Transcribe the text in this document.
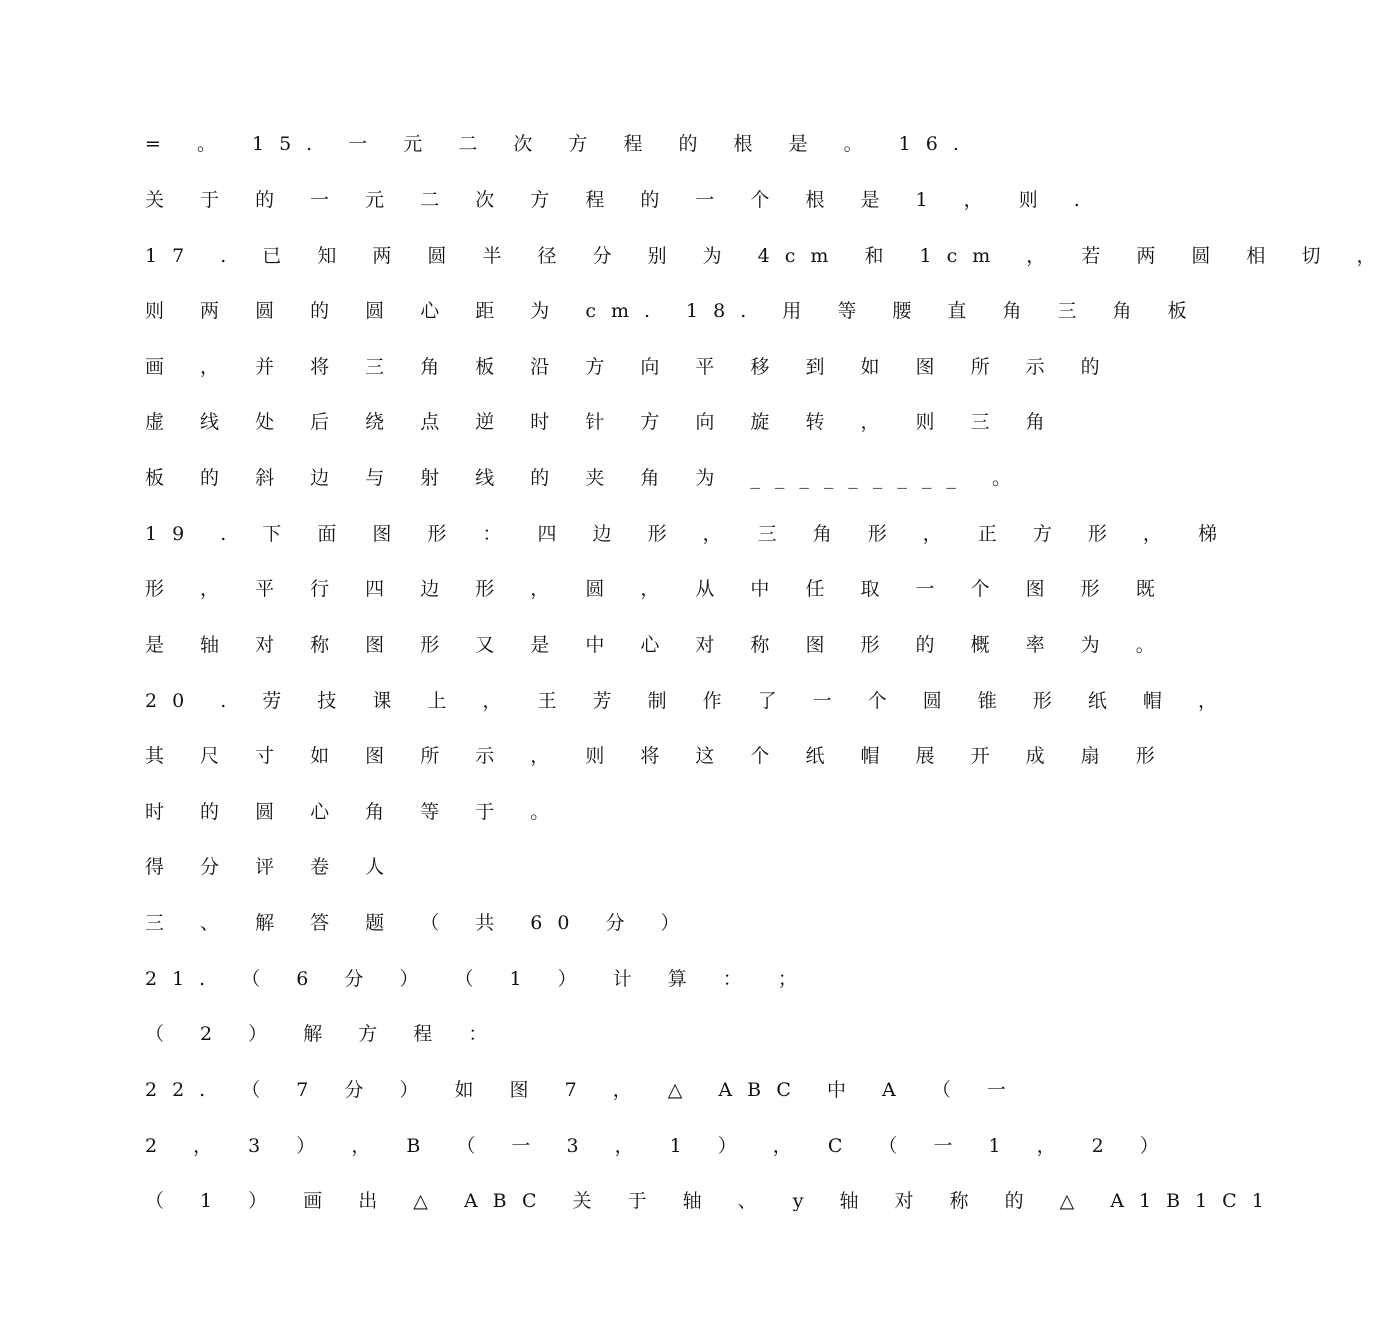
= 。 15. 一 元 二 次 方 程 的 根 是 。 16.
关 于 的 一 元 二 次 方 程 的 一 个 根 是 1 ， 则 .
17 . 已 知 两 圆 半 径 分 别 为 4cm 和 1cm ， 若 两 圆 相 切 ，
则 两 圆 的 圆 心 距 为 cm. 18. 用 等 腰 直 角 三 角 板
画 ， 并 将 三 角 板 沿 方 向 平 移 到 如 图 所 示 的
虚 线 处 后 绕 点 逆 时 针 方 向 旋 转 ， 则 三 角
板 的 斜 边 与 射 线 的 夹 角 为 _________ 。
19 . 下 面 图 形 ： 四 边 形 ， 三 角 形 ， 正 方 形 ， 梯
形 ， 平 行 四 边 形 ， 圆 ， 从 中 任 取 一 个 图 形 既
是 轴 对 称 图 形 又 是 中 心 对 称 图 形 的 概 率 为 。
20 . 劳 技 课 上 ， 王 芳 制 作 了 一 个 圆 锥 形 纸 帽 ，
其 尺 寸 如 图 所 示 ， 则 将 这 个 纸 帽 展 开 成 扇 形
时 的 圆 心 角 等 于 。
得 分 评 卷 人
三 、 解 答 题 （ 共 60 分 ）
21. （ 6 分 ） （ 1 ） 计 算 ： ；
（ 2 ） 解 方 程 ：
22. （ 7 分 ） 如 图 7 ， △ ABC 中 A （ 一
2 ， 3 ） ， B （ 一 3 ， 1 ） ， C （ 一 1 ， 2 ）
（ 1 ） 画 出 △ ABC 关 于 轴 、 y 轴 对 称 的 △ A1B1C1
